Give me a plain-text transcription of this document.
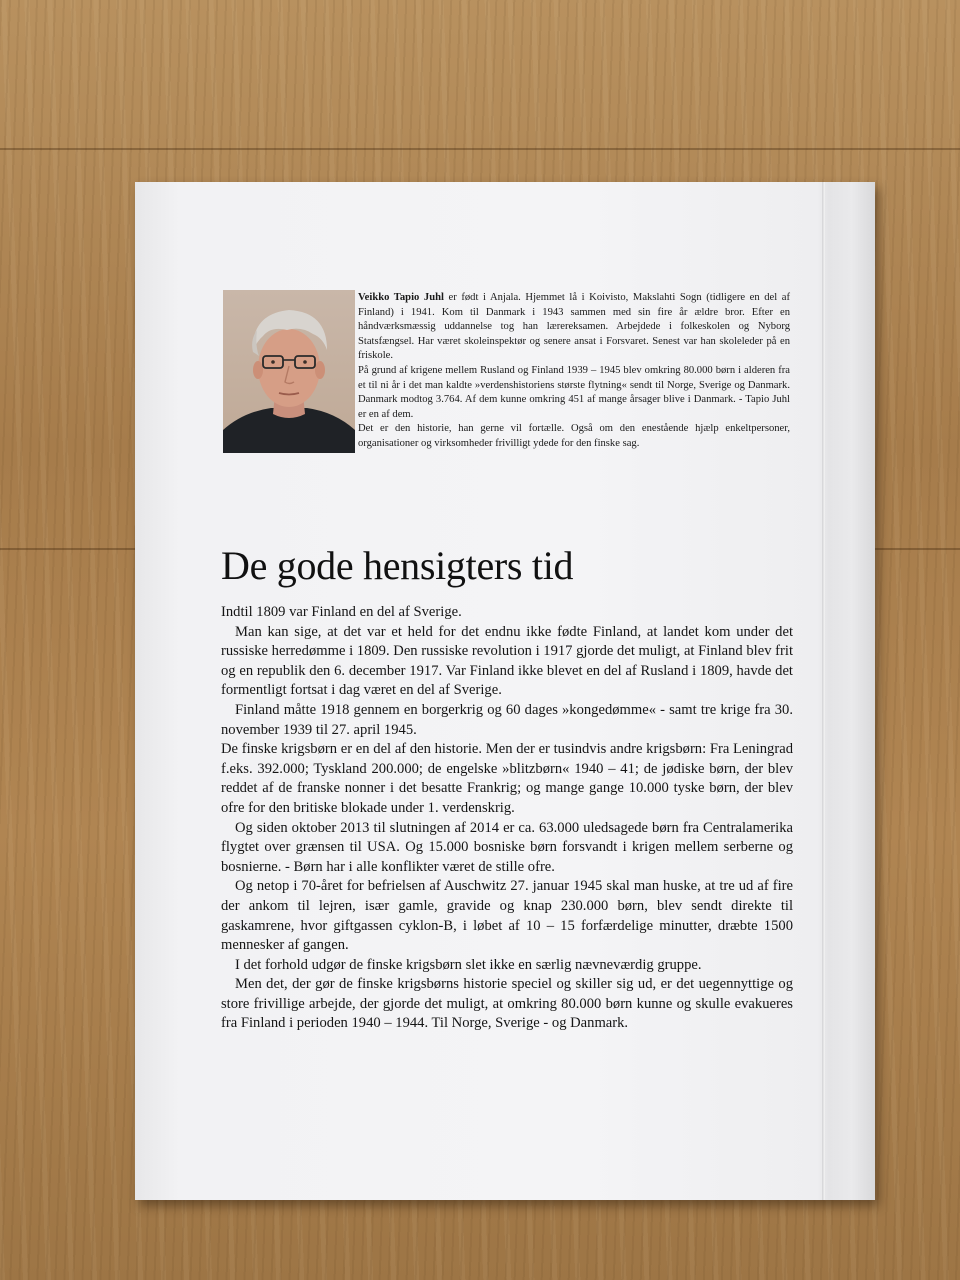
Veikko Tapio Juhl er født i Anjala. Hjemmet lå i Koivisto, Makslahti Sogn (tidligere en del af Finland) i 1941. Kom til Danmark i 1943 sammen med sin fire år ældre bror. Efter en håndværksmæssig uddannelse tog han lærereksamen. Arbejdede i folkeskolen og Nyborg Statsfængsel. Har været skoleinspektør og senere ansat i Forsvaret. Senest var han skoleleder på en friskole.

På grund af krigene mellem Rusland og Finland 1939 – 1945 blev omkring 80.000 børn i alderen fra et til ni år i det man kaldte »verdenshistoriens største flytning« sendt til Norge, Sverige og Danmark. Danmark modtog 3.764. Af dem kunne omkring 451 af mange årsager blive i Danmark. - Tapio Juhl er en af dem.

Det er den historie, han gerne vil fortælle. Også om den enestående hjælp enkeltpersoner, organisationer og virksomheder frivilligt ydede for den finske sag.

De gode hensigters tid

Indtil 1809 var Finland en del af Sverige.

Man kan sige, at det var et held for det endnu ikke fødte Finland, at landet kom under det russiske herredømme i 1809. Den russiske revolution i 1917 gjorde det muligt, at Finland blev frit og en republik den 6. december 1917. Var Finland ikke blevet en del af Rusland i 1809, havde det formentligt fortsat i dag været en del af Sverige.

Finland måtte 1918 gennem en borgerkrig og 60 dages »kongedømme« - samt tre krige fra 30. november 1939 til 27. april 1945.

De finske krigsbørn er en del af den historie. Men der er tusindvis andre krigsbørn: Fra Leningrad f.eks. 392.000; Tyskland 200.000; de engelske »blitzbørn« 1940 – 41; de jødiske børn, der blev reddet af de franske nonner i det besatte Frankrig; og mange gange 10.000 tyske børn, der blev ofre for den britiske blokade under 1. verdenskrig.

Og siden oktober 2013 til slutningen af 2014 er ca. 63.000 uledsagede børn fra Centralamerika flygtet over grænsen til USA. Og 15.000 bosniske børn forsvandt i krigen mellem serberne og bosnierne. - Børn har i alle konflikter været de stille ofre.

Og netop i 70-året for befrielsen af Auschwitz 27. januar 1945 skal man huske, at tre ud af fire der ankom til lejren, især gamle, gravide og knap 230.000 børn, blev sendt direkte til gaskamrene, hvor giftgassen cyklon-B, i løbet af 10 – 15 forfærdelige minutter, dræbte 1500 mennesker af gangen.

I det forhold udgør de finske krigsbørn slet ikke en særlig nævneværdig gruppe.

Men det, der gør de finske krigsbørns historie speciel og skiller sig ud, er det uegennyttige og store frivillige arbejde, der gjorde det muligt, at omkring 80.000 børn kunne og skulle evakueres fra Finland i perioden 1940 – 1944. Til Norge, Sverige - og Danmark.
